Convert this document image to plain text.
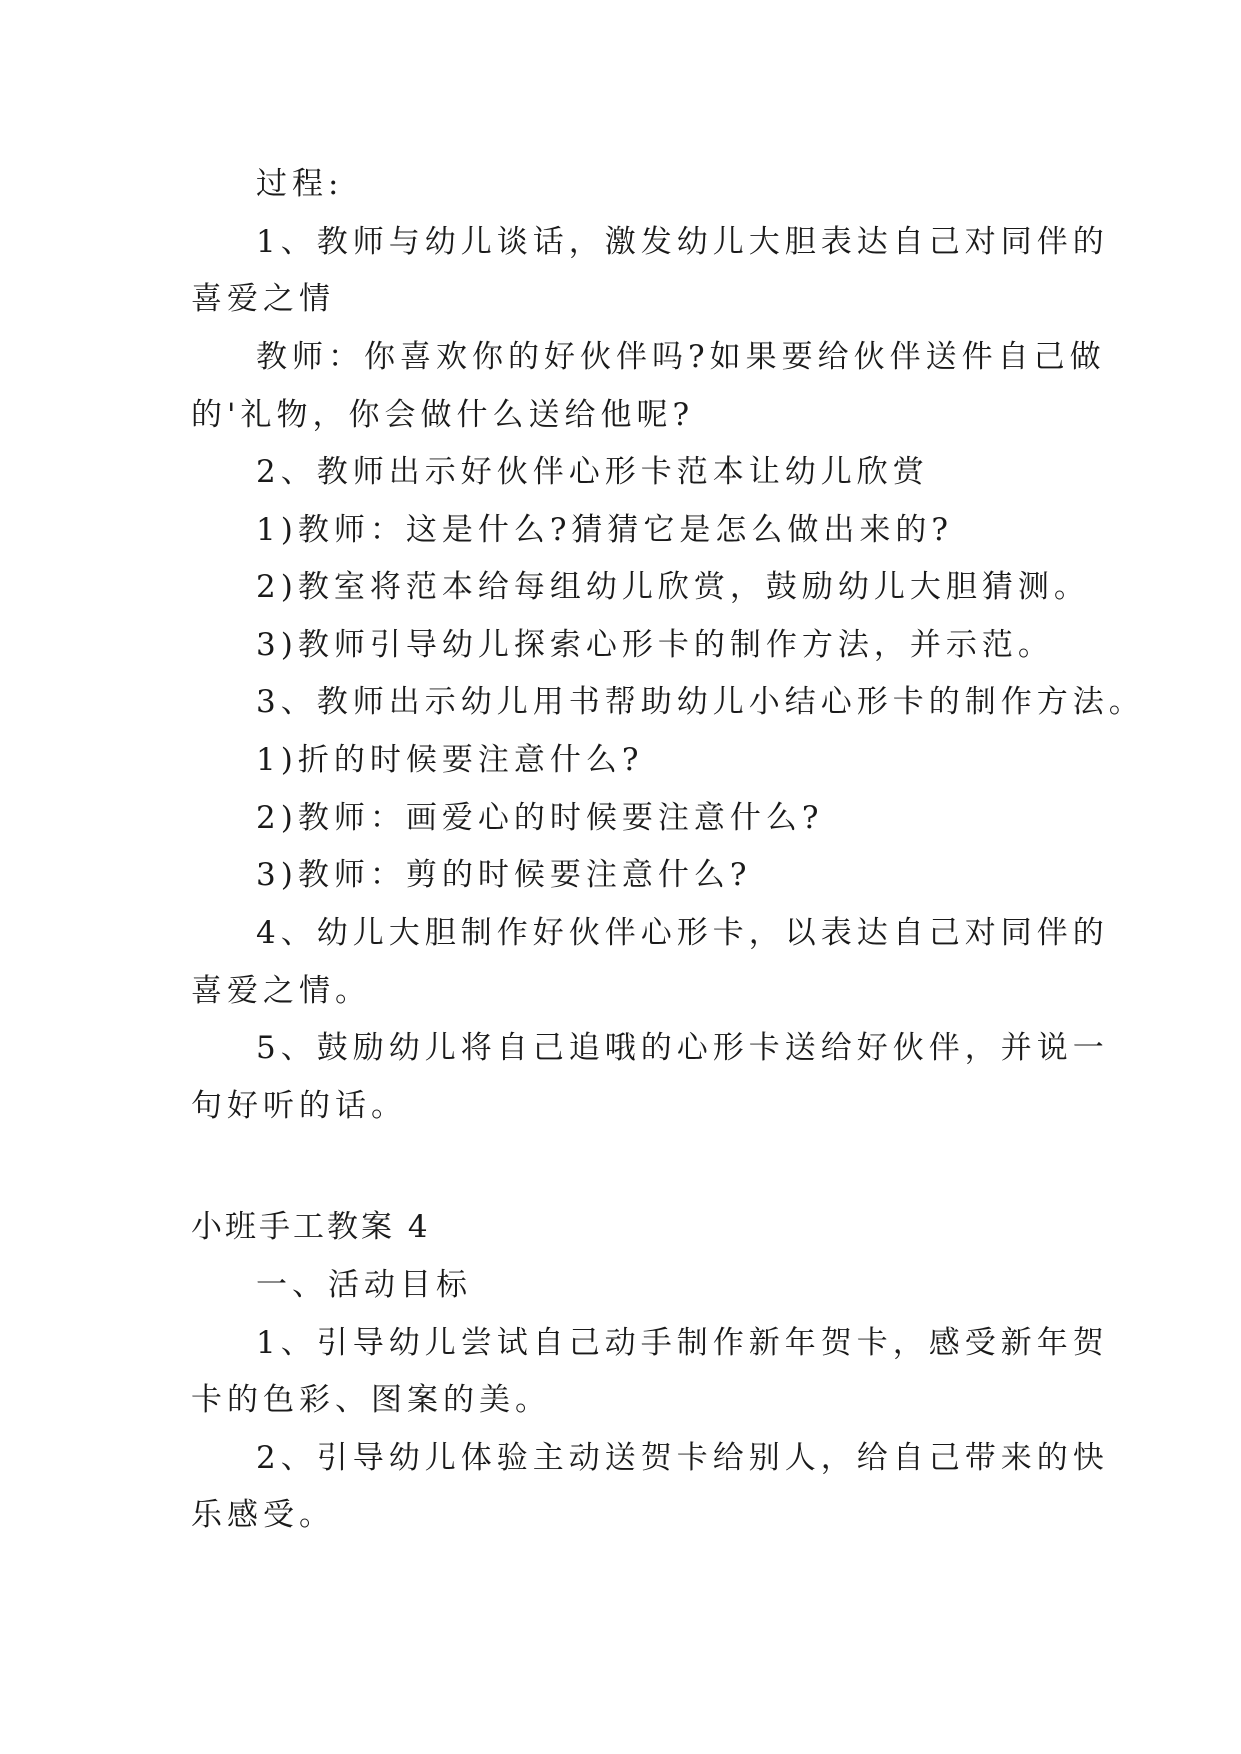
过程:
1、教师与幼儿谈话，激发幼儿大胆表达自己对同伴的
喜爱之情
教师：你喜欢你的好伙伴吗?如果要给伙伴送件自己做
的'礼物，你会做什么送给他呢?
2、教师出示好伙伴心形卡范本让幼儿欣赏
1)教师：这是什么?猜猜它是怎么做出来的?
2)教室将范本给每组幼儿欣赏，鼓励幼儿大胆猜测。
3)教师引导幼儿探索心形卡的制作方法，并示范。
3、教师出示幼儿用书帮助幼儿小结心形卡的制作方法。
1)折的时候要注意什么?
2)教师：画爱心的时候要注意什么?
3)教师：剪的时候要注意什么?
4、幼儿大胆制作好伙伴心形卡，以表达自己对同伴的
喜爱之情。
5、鼓励幼儿将自己追哦的心形卡送给好伙伴，并说一
句好听的话。
小班手工教案 4
一、活动目标
1、引导幼儿尝试自己动手制作新年贺卡，感受新年贺
卡的色彩、图案的美。
2、引导幼儿体验主动送贺卡给别人，给自己带来的快
乐感受。
